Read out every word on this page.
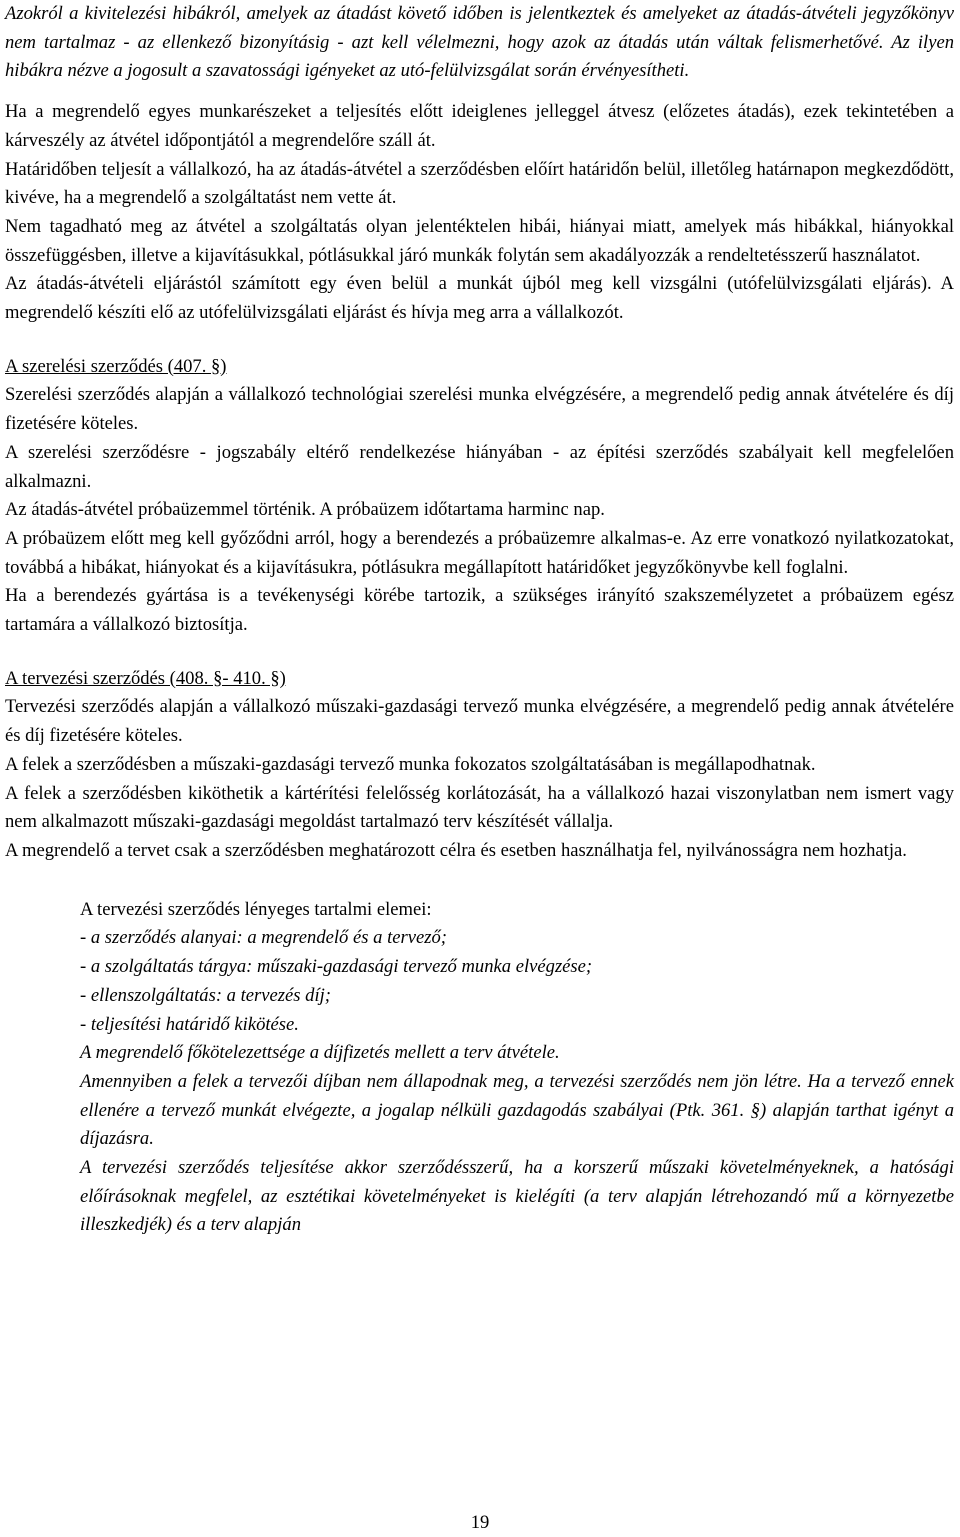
Azokról a kivitelezési hibákról, amelyek az átadást követő időben is jelentkeztek és amelyeket az átadás-átvételi jegyzőkönyv nem tartalmaz - az ellenkező bizonyításig - azt kell vélelmezni, hogy azok az átadás után váltak felismerhetővé. Az ilyen hibákra nézve a jogosult a szavatossági igényeket az utó-felülvizsgálat során érvényesítheti.

Ha a megrendelő egyes munkarészeket a teljesítés előtt ideiglenes jelleggel átvesz (előzetes átadás), ezek tekintetében a kárveszély az átvétel időpontjától a megrendelőre száll át.

Határidőben teljesít a vállalkozó, ha az átadás-átvétel a szerződésben előírt határidőn belül, illetőleg határnapon megkezdődött, kivéve, ha a megrendelő a szolgáltatást nem vette át.

Nem tagadható meg az átvétel a szolgáltatás olyan jelentéktelen hibái, hiányai miatt, amelyek más hibákkal, hiányokkal összefüggésben, illetve a kijavításukkal, pótlásukkal járó munkák folytán sem akadályozzák a rendeltetésszerű használatot.

Az átadás-átvételi eljárástól számított egy éven belül a munkát újból meg kell vizsgálni (utófelülvizsgálati eljárás). A megrendelő készíti elő az utófelülvizsgálati eljárást és hívja meg arra a vállalkozót.

A szerelési szerződés (407. §)

Szerelési szerződés alapján a vállalkozó technológiai szerelési munka elvégzésére, a megrendelő pedig annak átvételére és díj fizetésére köteles.

A szerelési szerződésre - jogszabály eltérő rendelkezése hiányában - az építési szerződés szabályait kell megfelelően alkalmazni.

Az átadás-átvétel próbaüzemmel történik. A próbaüzem időtartama harminc nap.

A próbaüzem előtt meg kell győződni arról, hogy a berendezés a próbaüzemre alkalmas-e. Az erre vonatkozó nyilatkozatokat, továbbá a hibákat, hiányokat és a kijavításukra, pótlásukra megállapított határidőket jegyzőkönyvbe kell foglalni.

Ha a berendezés gyártása is a tevékenységi körébe tartozik, a szükséges irányító szakszemélyzetet a próbaüzem egész tartamára a vállalkozó biztosítja.

A tervezési szerződés (408. §- 410. §)

Tervezési szerződés alapján a vállalkozó műszaki-gazdasági tervező munka elvégzésére, a megrendelő pedig annak átvételére és díj fizetésére köteles.

A felek a szerződésben a műszaki-gazdasági tervező munka fokozatos szolgáltatásában is megállapodhatnak.

A felek a szerződésben kiköthetik a kártérítési felelősség korlátozását, ha a vállalkozó hazai viszonylatban nem ismert vagy nem alkalmazott műszaki-gazdasági megoldást tartalmazó terv készítését vállalja.

A megrendelő a tervet csak a szerződésben meghatározott célra és esetben használhatja fel, nyilvánosságra nem hozhatja.

A tervezési szerződés lényeges tartalmi elemei:

- a szerződés alanyai: a megrendelő és a tervező;

- a szolgáltatás tárgya: műszaki-gazdasági tervező munka elvégzése;

- ellenszolgáltatás: a tervezés díj;

- teljesítési határidő kikötése.

A megrendelő főkötelezettsége a díjfizetés mellett a terv átvétele.

Amennyiben a felek a tervezői díjban nem állapodnak meg, a tervezési szerződés nem jön létre. Ha a tervező ennek ellenére a tervező munkát elvégezte, a jogalap nélküli gazdagodás szabályai (Ptk. 361. §) alapján tarthat igényt a díjazásra.

A tervezési szerződés teljesítése akkor szerződésszerű, ha a korszerű műszaki követelményeknek, a hatósági előírásoknak megfelel, az esztétikai követelményeket is kielégíti (a terv alapján létrehozandó mű a környezetbe illeszkedjék) és a terv alapján

19
